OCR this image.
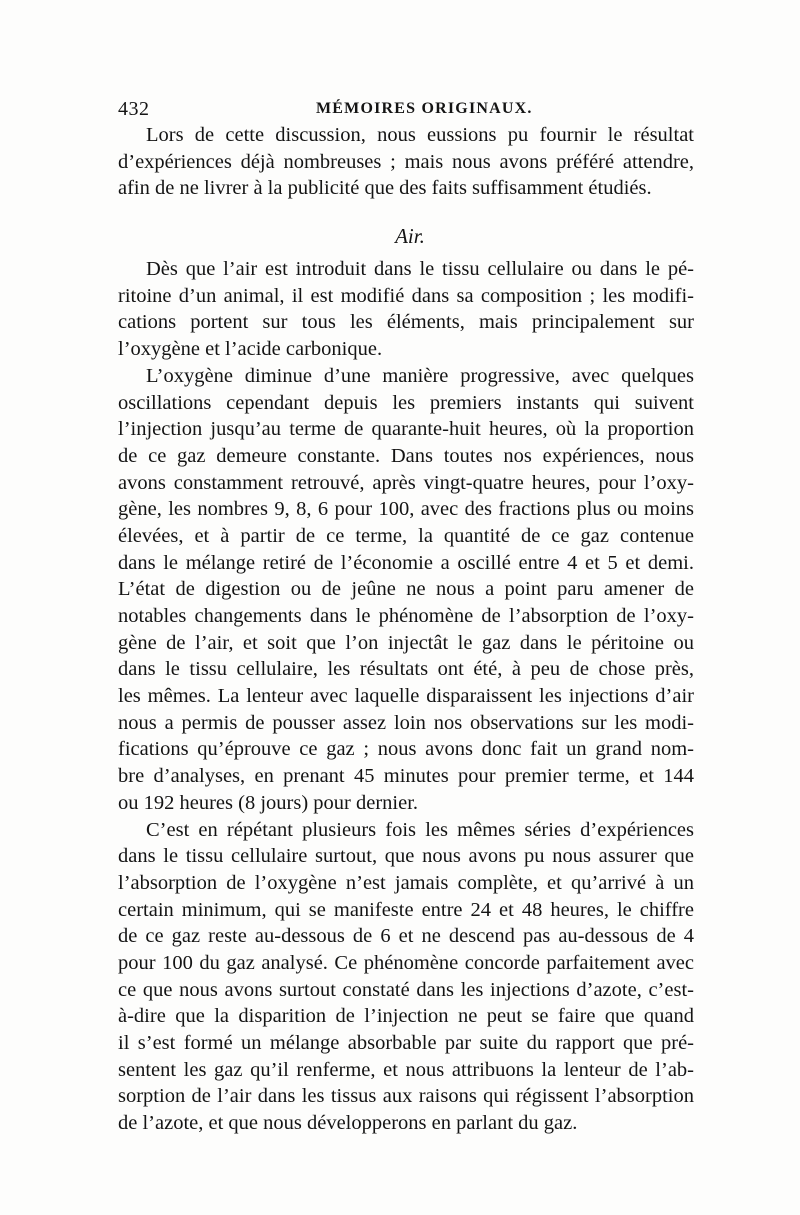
432	MÉMOIRES ORIGINAUX.
Lors de cette discussion, nous eussions pu fournir le résultat
d’expériences déjà nombreuses ; mais nous avons préféré attendre,
afin de ne livrer à la publicité que des faits suffisamment étudiés.
Air.
Dès que l’air est introduit dans le tissu cellulaire ou dans le pé-
ritoine d’un animal, il est modifié dans sa composition ; les modifi-
cations portent sur tous les éléments, mais principalement sur
l’oxygène et l’acide carbonique.
L’oxygène diminue d’une manière progressive, avec quelques
oscillations cependant depuis les premiers instants qui suivent
l’injection jusqu’au terme de quarante-huit heures, où la proportion
de ce gaz demeure constante. Dans toutes nos expériences, nous
avons constamment retrouvé, après vingt-quatre heures, pour l’oxy-
gène, les nombres 9, 8, 6 pour 100, avec des fractions plus ou moins
élevées, et à partir de ce terme, la quantité de ce gaz contenue
dans le mélange retiré de l’économie a oscillé entre 4 et 5 et demi.
L’état de digestion ou de jeûne ne nous a point paru amener de
notables changements dans le phénomène de l’absorption de l’oxy-
gène de l’air, et soit que l’on injectât le gaz dans le péritoine ou
dans le tissu cellulaire, les résultats ont été, à peu de chose près,
les mêmes. La lenteur avec laquelle disparaissent les injections d’air
nous a permis de pousser assez loin nos observations sur les modi-
fications qu’éprouve ce gaz ; nous avons donc fait un grand nom-
bre d’analyses, en prenant 45 minutes pour premier terme, et 144
ou 192 heures (8 jours) pour dernier.
C’est en répétant plusieurs fois les mêmes séries d’expériences
dans le tissu cellulaire surtout, que nous avons pu nous assurer que
l’absorption de l’oxygène n’est jamais complète, et qu’arrivé à un
certain minimum, qui se manifeste entre 24 et 48 heures, le chiffre
de ce gaz reste au-dessous de 6 et ne descend pas au-dessous de 4
pour 100 du gaz analysé. Ce phénomène concorde parfaitement avec
ce que nous avons surtout constaté dans les injections d’azote, c’est-
à-dire que la disparition de l’injection ne peut se faire que quand
il s’est formé un mélange absorbable par suite du rapport que pré-
sentent les gaz qu’il renferme, et nous attribuons la lenteur de l’ab-
sorption de l’air dans les tissus aux raisons qui régissent l’absorption
de l’azote, et que nous développerons en parlant du gaz.
